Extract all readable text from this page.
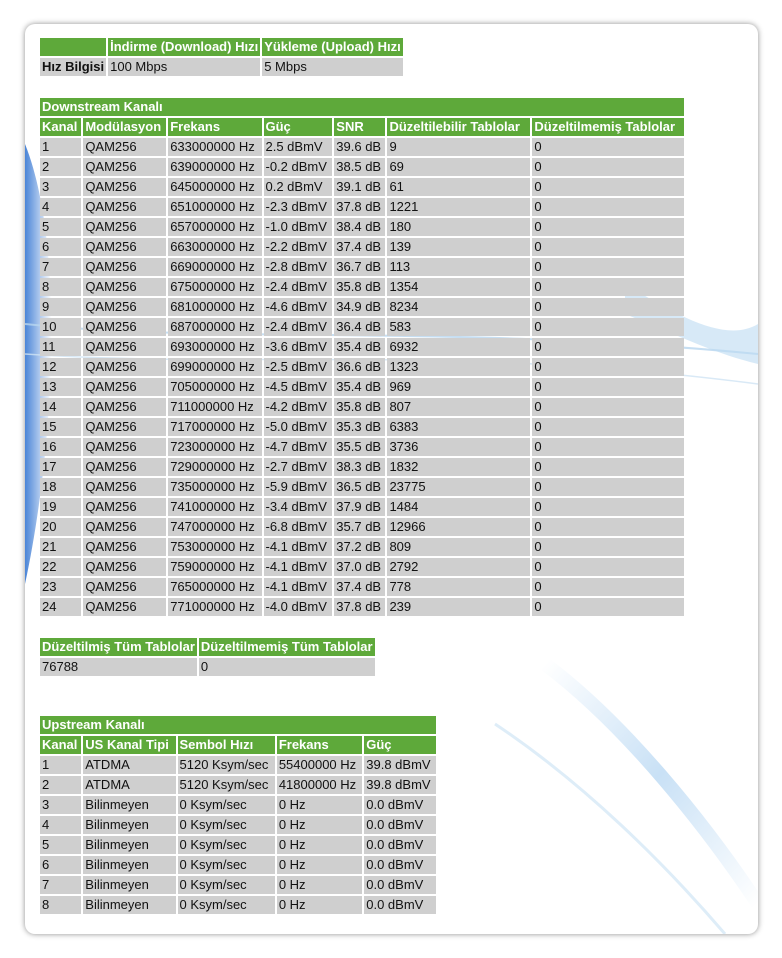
	İndirme (Download) Hızı	Yükleme (Upload) Hızı
Hız Bilgisi	100 Mbps	5 Mbps
Downstream Kanalı
Kanal	Modülasyon	Frekans	Güç	SNR	Düzeltilebilir Tablolar	Düzeltilmemiş Tablolar
1	QAM256	633000000 Hz	2.5 dBmV	39.6 dB	9	0
2	QAM256	639000000 Hz	-0.2 dBmV	38.5 dB	69	0
3	QAM256	645000000 Hz	0.2 dBmV	39.1 dB	61	0
4	QAM256	651000000 Hz	-2.3 dBmV	37.8 dB	1221	0
5	QAM256	657000000 Hz	-1.0 dBmV	38.4 dB	180	0
6	QAM256	663000000 Hz	-2.2 dBmV	37.4 dB	139	0
7	QAM256	669000000 Hz	-2.8 dBmV	36.7 dB	113	0
8	QAM256	675000000 Hz	-2.4 dBmV	35.8 dB	1354	0
9	QAM256	681000000 Hz	-4.6 dBmV	34.9 dB	8234	0
10	QAM256	687000000 Hz	-2.4 dBmV	36.4 dB	583	0
11	QAM256	693000000 Hz	-3.6 dBmV	35.4 dB	6932	0
12	QAM256	699000000 Hz	-2.5 dBmV	36.6 dB	1323	0
13	QAM256	705000000 Hz	-4.5 dBmV	35.4 dB	969	0
14	QAM256	711000000 Hz	-4.2 dBmV	35.8 dB	807	0
15	QAM256	717000000 Hz	-5.0 dBmV	35.3 dB	6383	0
16	QAM256	723000000 Hz	-4.7 dBmV	35.5 dB	3736	0
17	QAM256	729000000 Hz	-2.7 dBmV	38.3 dB	1832	0
18	QAM256	735000000 Hz	-5.9 dBmV	36.5 dB	23775	0
19	QAM256	741000000 Hz	-3.4 dBmV	37.9 dB	1484	0
20	QAM256	747000000 Hz	-6.8 dBmV	35.7 dB	12966	0
21	QAM256	753000000 Hz	-4.1 dBmV	37.2 dB	809	0
22	QAM256	759000000 Hz	-4.1 dBmV	37.0 dB	2792	0
23	QAM256	765000000 Hz	-4.1 dBmV	37.4 dB	778	0
24	QAM256	771000000 Hz	-4.0 dBmV	37.8 dB	239	0
Düzeltilmiş Tüm Tablolar	Düzeltilmemiş Tüm Tablolar
76788	0
Upstream Kanalı
Kanal	US Kanal Tipi	Sembol Hızı	Frekans	Güç
1	ATDMA	5120 Ksym/sec	55400000 Hz	39.8 dBmV
2	ATDMA	5120 Ksym/sec	41800000 Hz	39.8 dBmV
3	Bilinmeyen	0 Ksym/sec	0 Hz	0.0 dBmV
4	Bilinmeyen	0 Ksym/sec	0 Hz	0.0 dBmV
5	Bilinmeyen	0 Ksym/sec	0 Hz	0.0 dBmV
6	Bilinmeyen	0 Ksym/sec	0 Hz	0.0 dBmV
7	Bilinmeyen	0 Ksym/sec	0 Hz	0.0 dBmV
8	Bilinmeyen	0 Ksym/sec	0 Hz	0.0 dBmV
